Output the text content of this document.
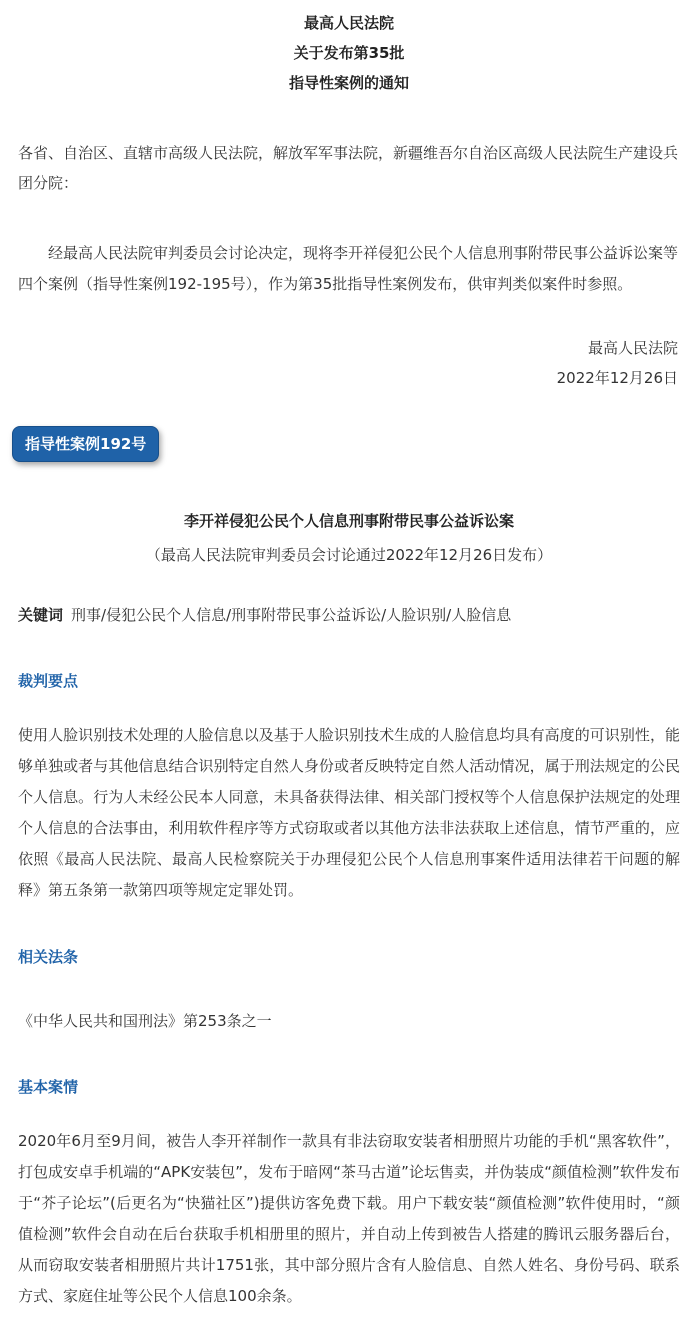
最高人民法院
关于发布第35批
指导性案例的通知
各省、自治区、直辖市高级人民法院，解放军军事法院，新疆维吾尔自治区高级人民法院生产建设兵团分院：
经最高人民法院审判委员会讨论决定，现将李开祥侵犯公民个人信息刑事附带民事公益诉讼案等四个案例（指导性案例192-195号），作为第35批指导性案例发布，供审判类似案件时参照。
最高人民法院
2022年12月26日
指导性案例192号
李开祥侵犯公民个人信息刑事附带民事公益诉讼案
（最高人民法院审判委员会讨论通过2022年12月26日发布）
关键词 刑事/侵犯公民个人信息/刑事附带民事公益诉讼/人脸识别/人脸信息
裁判要点
使用人脸识别技术处理的人脸信息以及基于人脸识别技术生成的人脸信息均具有高度的可识别性，能够单独或者与其他信息结合识别特定自然人身份或者反映特定自然人活动情况，属于刑法规定的公民个人信息。行为人未经公民本人同意，未具备获得法律、相关部门授权等个人信息保护法规定的处理个人信息的合法事由，利用软件程序等方式窃取或者以其他方法非法获取上述信息，情节严重的，应依照《最高人民法院、最高人民检察院关于办理侵犯公民个人信息刑事案件适用法律若干问题的解释》第五条第一款第四项等规定定罪处罚。
相关法条
《中华人民共和国刑法》第253条之一
基本案情
2020年6月至9月间，被告人李开祥制作一款具有非法窃取安装者相册照片功能的手机“黑客软件”，打包成安卓手机端的“APK安装包”，发布于暗网“茶马古道”论坛售卖，并伪装成“颜值检测”软件发布于“芥子论坛”(后更名为“快猫社区”)提供访客免费下载。用户下载安装“颜值检测”软件使用时，“颜值检测”软件会自动在后台获取手机相册里的照片，并自动上传到被告人搭建的腾讯云服务器后台，从而窃取安装者相册照片共计1751张，其中部分照片含有人脸信息、自然人姓名、身份号码、联系方式、家庭住址等公民个人信息100余条。
